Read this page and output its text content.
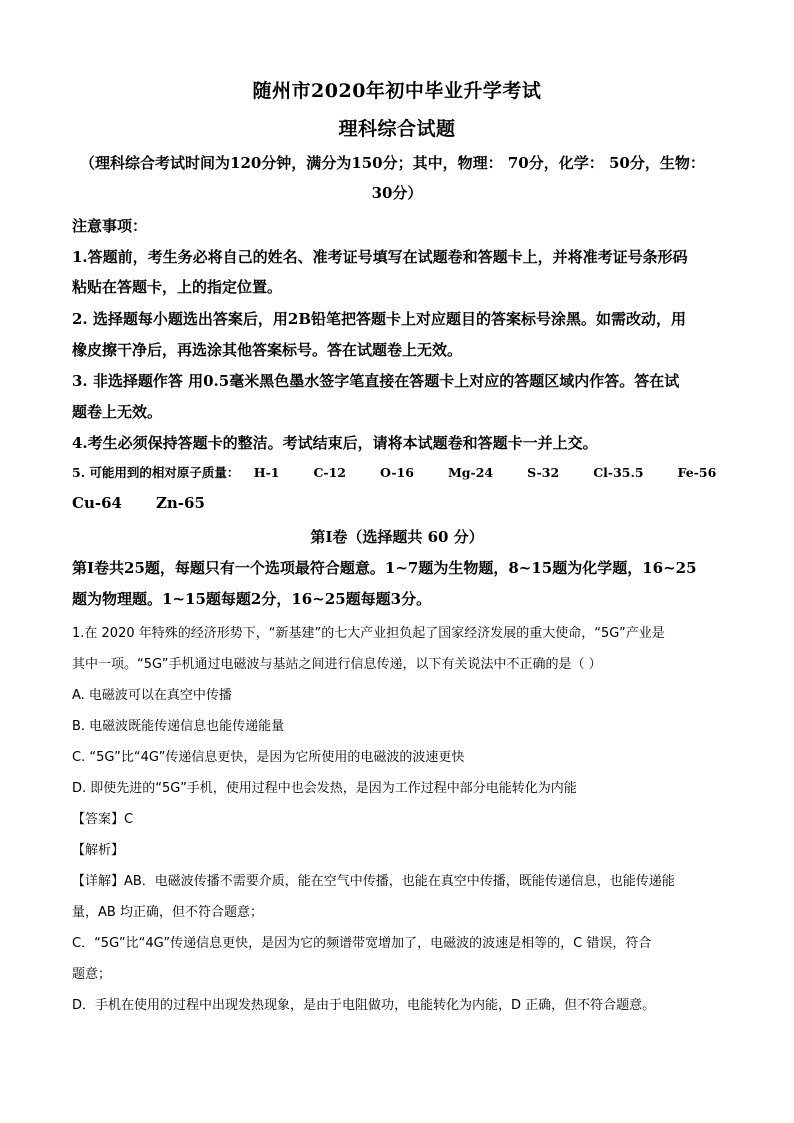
随州市2020年初中毕业升学考试
理科综合试题
（理科综合考试时间为120分钟，满分为150分；其中，物理： 70分，化学： 50分，生物：
30分）
注意事项：
1.答题前，考生务必将自己的姓名、准考证号填写在试题卷和答题卡上，并将准考证号条形码
粘贴在答题卡，上的指定位置。
2. 选择题每小题选出答案后，用2B铅笔把答题卡上对应题目的答案标号涂黑。如需改动，用
橡皮擦干净后，再选涂其他答案标号。答在试题卷上无效。
3. 非选择题作答 用0.5毫米黑色墨水签字笔直接在答题卡上对应的答题区域内作答。答在试
题卷上无效。
4.考生必须保持答题卡的整洁。考试结束后，请将本试题卷和答题卡一并上交。
5. 可能用到的相对原子质量： H-1	C-12	O-16	Mg-24	S-32	Cl-35.5	Fe-56
Cu-64 Zn-65
第I卷（选择题共 60 分）
第I卷共25题，每题只有一个选项最符合题意。1~7题为生物题，8~15题为化学题，16~25
题为物理题。1~15题每题2分，16~25题每题3分。
1.在 2020 年特殊的经济形势下，“新基建”的七大产业担负起了国家经济发展的重大使命，“5G”产业是
其中一项。“5G”手机通过电磁波与基站之间进行信息传递，以下有关说法中不正确的是（ ）
A. 电磁波可以在真空中传播
B. 电磁波既能传递信息也能传递能量
C. “5G”比“4G”传递信息更快，是因为它所使用的电磁波的波速更快
D. 即使先进的“5G”手机，使用过程中也会发热，是因为工作过程中部分电能转化为内能
【答案】C
【解析】
【详解】AB．电磁波传播不需要介质，能在空气中传播，也能在真空中传播，既能传递信息，也能传递能
量，AB 均正确，但不符合题意；
C．“5G”比“4G”传递信息更快，是因为它的频谱带宽增加了，电磁波的波速是相等的，C 错误，符合
题意；
D．手机在使用的过程中出现发热现象，是由于电阻做功，电能转化为内能，D 正确，但不符合题意。
